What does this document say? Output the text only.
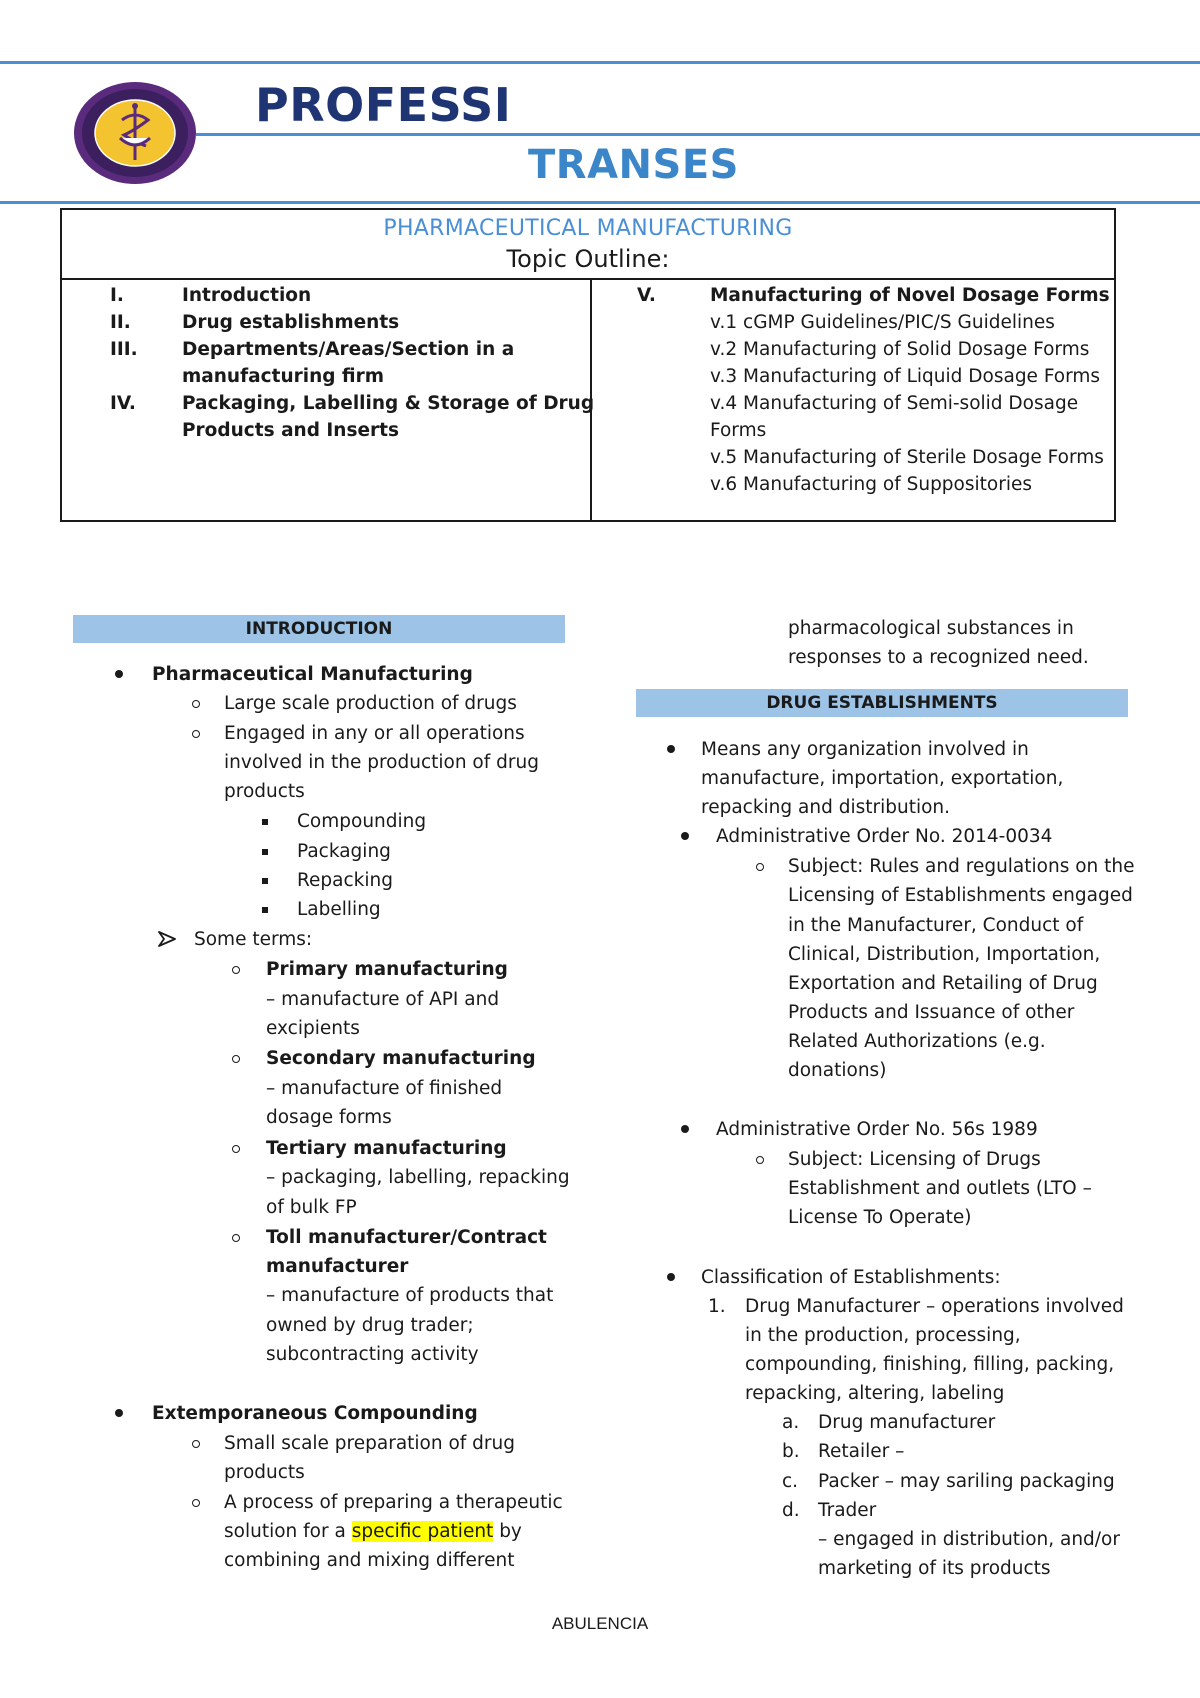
PROFESSI
TRANSES
PHARMACEUTICAL MANUFACTURING
Topic Outline:
I.	Introduction
II.	Drug establishments
III. Departments/Areas/Section in a
manufacturing firm
IV. Packaging, Labelling & Storage of Drug
Products and Inserts
V.	Manufacturing of Novel Dosage Forms
v.1 cGMP Guidelines/PIC/S Guidelines
v.2 Manufacturing of Solid Dosage Forms
v.3 Manufacturing of Liquid Dosage Forms
v.4 Manufacturing of Semi-solid Dosage
Forms
v.5 Manufacturing of Sterile Dosage Forms
v.6 Manufacturing of Suppositories
INTRODUCTION
Pharmaceutical Manufacturing
Large scale production of drugs
Engaged in any or all operations
involved in the production of drug
products
Compounding
Packaging
Repacking
Labelling
Some terms:
Primary manufacturing
– manufacture of API and
excipients
Secondary manufacturing
– manufacture of finished
dosage forms
Tertiary manufacturing
– packaging, labelling, repacking
of bulk FP
Toll manufacturer/Contract
manufacturer
– manufacture of products that
owned by drug trader;
subcontracting activity
Extemporaneous Compounding
Small scale preparation of drug
products
A process of preparing a therapeutic
solution for a specific patient by
combining and mixing different
pharmacological substances in
responses to a recognized need.
DRUG ESTABLISHMENTS
Means any organization involved in
manufacture, importation, exportation,
repacking and distribution.
Administrative Order No. 2014-0034
Subject: Rules and regulations on the
Licensing of Establishments engaged
in the Manufacturer, Conduct of
Clinical, Distribution, Importation,
Exportation and Retailing of Drug
Products and Issuance of other
Related Authorizations (e.g.
donations)
Administrative Order No. 56s 1989
Subject: Licensing of Drugs
Establishment and outlets (LTO –
License To Operate)
Classification of Establishments:
1. Drug Manufacturer – operations involved
in the production, processing,
compounding, finishing, filling, packing,
repacking, altering, labeling
a. Drug manufacturer
b. Retailer –
c. Packer – may sariling packaging
d. Trader
– engaged in distribution, and/or
marketing of its products
ABULENCIA
